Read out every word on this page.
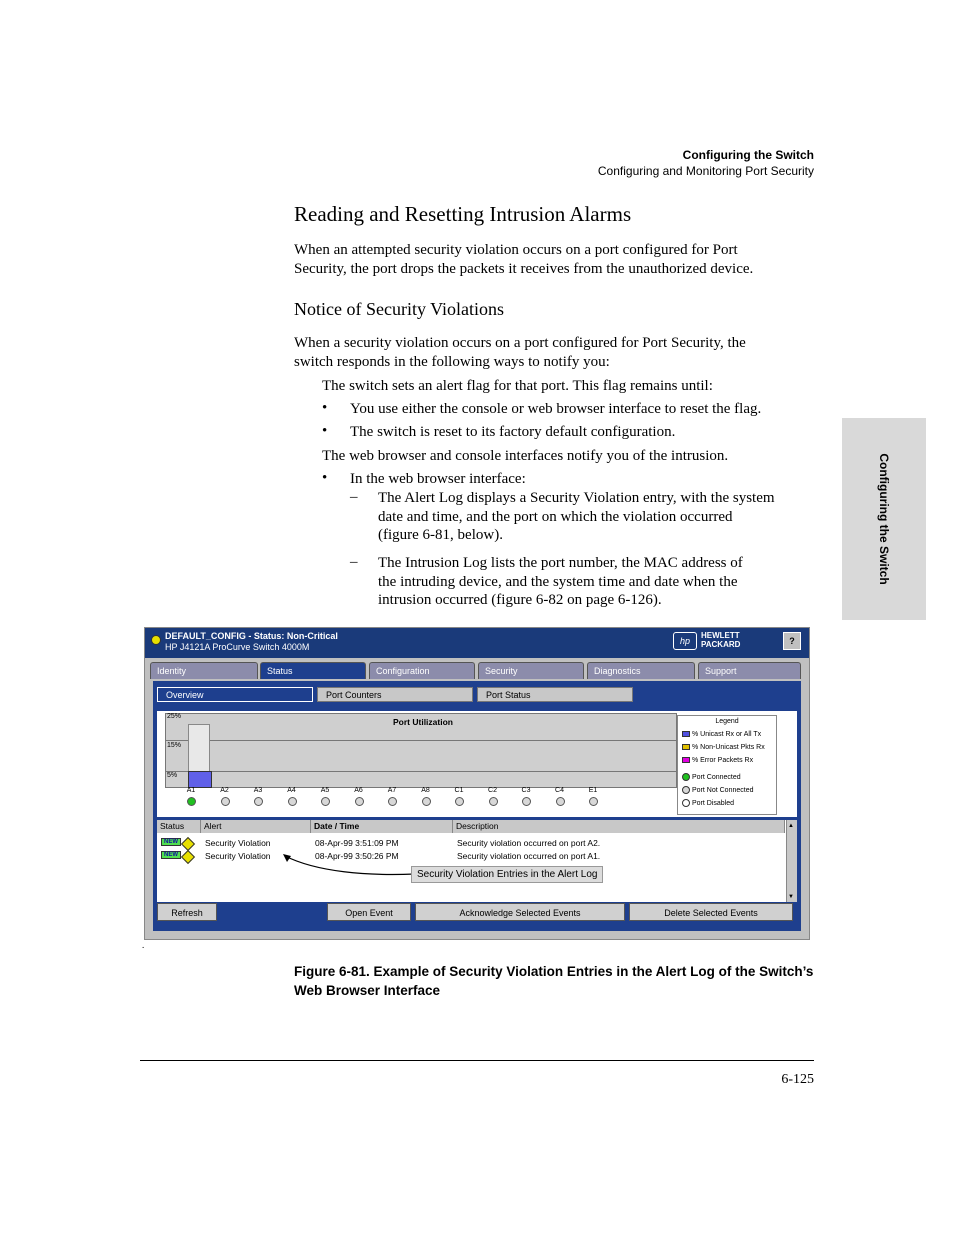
Configuring the Switch
Configuring and Monitoring Port Security
Configuring the Switch
Reading and Resetting Intrusion Alarms
When an attempted security violation occurs on a port configured for Port
Security, the port drops the packets it receives from the unauthorized device.
Notice of Security Violations
When a security violation occurs on a port configured for Port Security, the
switch responds in the following ways to notify you:
The switch sets an alert flag for that port. This flag remains until:
• You use either the console or web browser interface to reset the flag.
• The switch is reset to its factory default configuration.
The web browser and console interfaces notify you of the intrusion.
• In the web browser interface:
– The Alert Log displays a Security Violation entry, with the system
date and time, and the port on which the violation occurred
(figure 6-81, below).
– The Intrusion Log lists the port number, the MAC address of
the intruding device, and the system time and date when the
intrusion occurred (figure 6-82 on page 6-126).
DEFAULT_CONFIG - Status: Non-Critical
HP J4121A ProCurve Switch 4000M
hp
HEWLETT
PACKARD	?
Identity	Status	Configuration	Security	Diagnostics	Support
Overview	Port Counters	Port Status
25%
15%
5%
Port Utilization
A1	A2	A3	A4	A5	A6	A7	A8	C1	C2	C3	C4	E1
Legend
% Unicast Rx or All Tx
% Non-Unicast Pkts Rx
% Error Packets Rx
Port Connected
Port Not Connected
Port Disabled
Status	Alert	Date / Time	Description	▲
▼
NEW	Security Violation	08-Apr-99 3:51:09 PM	Security violation occurred on port A2.
NEW	Security Violation	08-Apr-99 3:50:26 PM	Security violation occurred on port A1.
Security Violation Entries in the Alert Log
Refresh	Open Event	Acknowledge Selected Events	Delete Selected Events
.
Figure 6-81. Example of Security Violation Entries in the Alert Log of the Switch’s
Web Browser Interface
6-125
